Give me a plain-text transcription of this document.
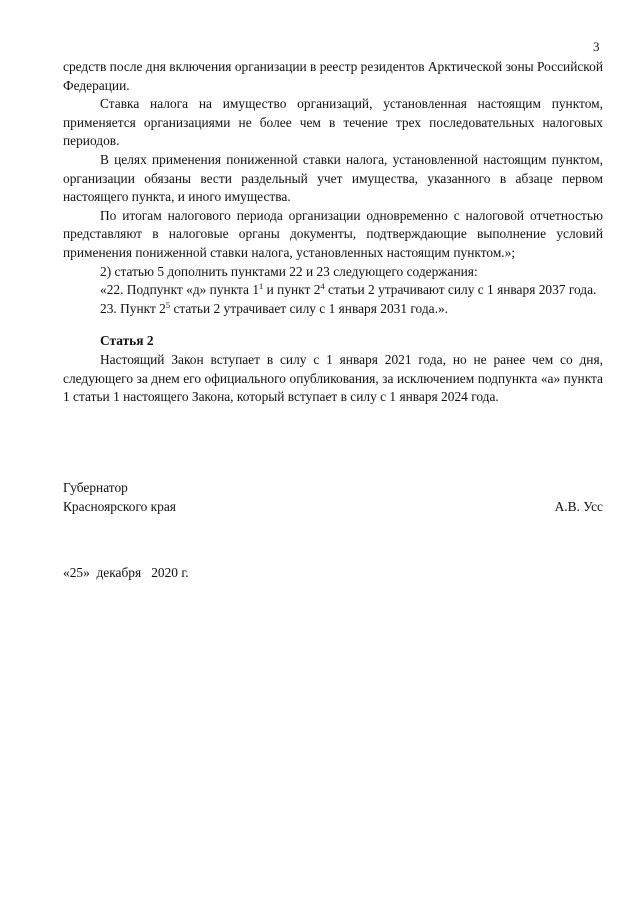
3

средств после дня включения организации в реестр резидентов Арктической зоны Российской Федерации.

Ставка налога на имущество организаций, установленная настоящим пунктом, применяется организациями не более чем в течение трех последовательных налоговых периодов.

В целях применения пониженной ставки налога, установленной настоящим пунктом, организации обязаны вести раздельный учет имущества, указанного в абзаце первом настоящего пункта, и иного имущества.

По итогам налогового периода организации одновременно с налоговой отчетностью представляют в налоговые органы документы, подтверждающие выполнение условий применения пониженной ставки налога, установленных настоящим пунктом.»;

2) статью 5 дополнить пунктами 22 и 23 следующего содержания:

«22. Подпункт «д» пункта $1^1$ и пункт $2^4$ статьи 2 утрачивают силу с 1 января 2037 года.

23. Пункт $2^5$ статьи 2 утрачивает силу с 1 января 2031 года.».

Статья 2

Настоящий Закон вступает в силу с 1 января 2021 года, но не ранее чем со дня, следующего за днем его официального опубликования, за исключением подпункта «а» пункта 1 статьи 1 настоящего Закона, который вступает в силу с 1 января 2024 года.

Губернатор
Красноярского края	А.В. Усс
«25»  декабря   2020 г.
